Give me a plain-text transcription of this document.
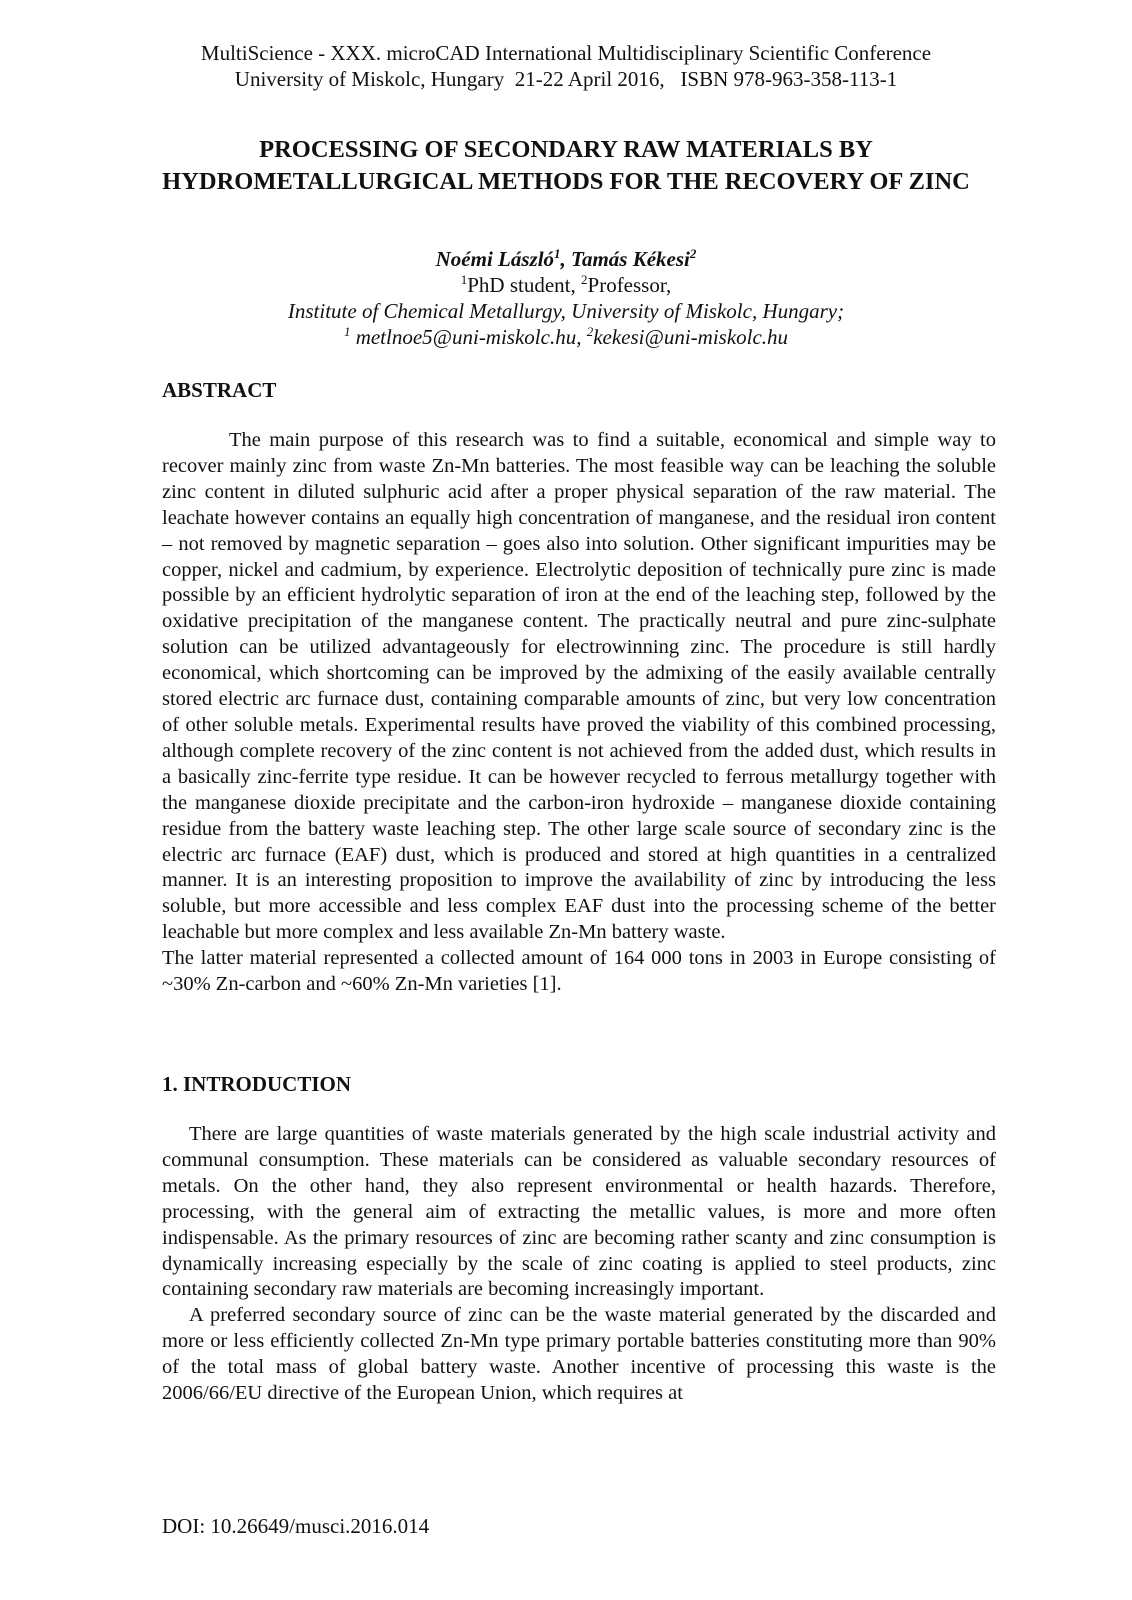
MultiScience - XXX. microCAD International Multidisciplinary Scientific Conference
University of Miskolc, Hungary  21-22 April 2016,   ISBN 978-963-358-113-1
PROCESSING OF SECONDARY RAW MATERIALS BY HYDROMETALLURGICAL METHODS FOR THE RECOVERY OF ZINC
Noémi László$^1$, Tamás Kékesi$^2$
$^1$PhD student, $^2$Professor,
Institute of Chemical Metallurgy, University of Miskolc, Hungary;
$^1$ metlnoe5@uni-miskolc.hu, $^2$kekesi@uni-miskolc.hu
ABSTRACT

The main purpose of this research was to find a suitable, economical and simple way to recover mainly zinc from waste Zn-Mn batteries. The most feasible way can be leaching the soluble zinc content in diluted sulphuric acid after a proper physical separation of the raw material. The leachate however contains an equally high concentration of manganese, and the residual iron content – not removed by magnetic separation – goes also into solution. Other significant impurities may be copper, nickel and cadmium, by experience. Electrolytic deposition of technically pure zinc is made possible by an efficient hydrolytic separation of iron at the end of the leaching step, followed by the oxidative precipitation of the manganese content. The practically neutral and pure zinc-sulphate solution can be utilized advantageously for electrowinning zinc. The procedure is still hardly economical, which shortcoming can be improved by the admixing of the easily available centrally stored electric arc furnace dust, containing comparable amounts of zinc, but very low concentration of other soluble metals. Experimental results have proved the viability of this combined processing, although complete recovery of the zinc content is not achieved from the added dust, which results in a basically zinc-ferrite type residue. It can be however recycled to ferrous metallurgy together with the manganese dioxide precipitate and the carbon-iron hydroxide – manganese dioxide containing residue from the battery waste leaching step. The other large scale source of secondary zinc is the electric arc furnace (EAF) dust, which is produced and stored at high quantities in a centralized manner. It is an interesting proposition to improve the availability of zinc by introducing the less soluble, but more accessible and less complex EAF dust into the processing scheme of the better leachable but more complex and less available Zn-Mn battery waste.

The latter material represented a collected amount of 164 000 tons in 2003 in Europe consisting of ~30% Zn-carbon and ~60% Zn-Mn varieties [1].

1. INTRODUCTION

There are large quantities of waste materials generated by the high scale industrial activity and communal consumption. These materials can be considered as valuable secondary resources of metals. On the other hand, they also represent environmental or health hazards. Therefore, processing, with the general aim of extracting the metallic values, is more and more often indispensable. As the primary resources of zinc are becoming rather scanty and zinc consumption is dynamically increasing especially by the scale of zinc coating is applied to steel products, zinc containing secondary raw materials are becoming increasingly important.

A preferred secondary source of zinc can be the waste material generated by the discarded and more or less efficiently collected Zn-Mn type primary portable batteries constituting more than 90% of the total mass of global battery waste. Another incentive of processing this waste is the 2006/66/EU directive of the European Union, which requires at

DOI: 10.26649/musci.2016.014
